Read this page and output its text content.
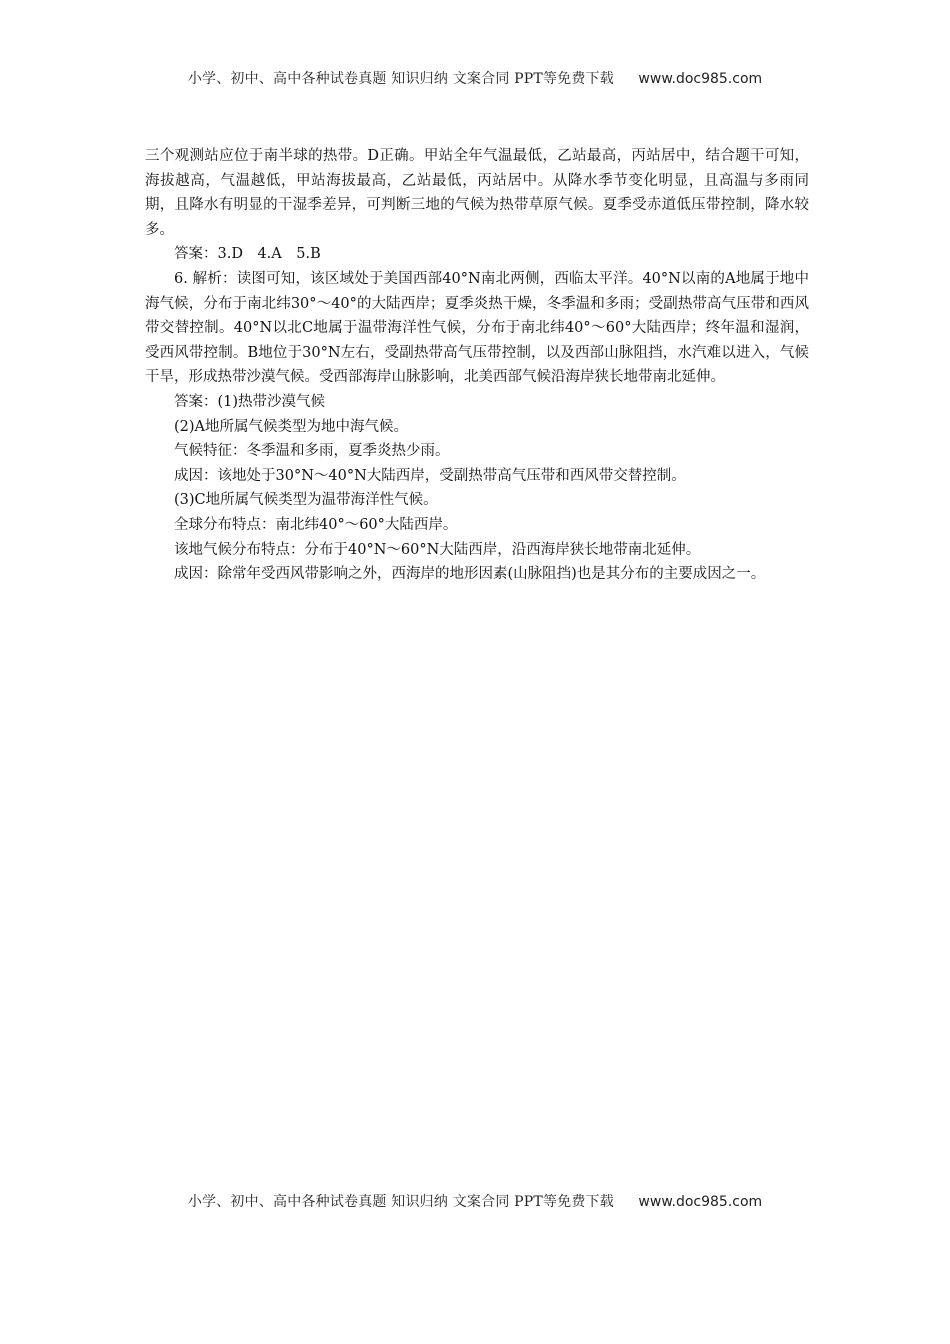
小学、初中、高中各种试卷真题 知识归纳 文案合同 PPT等免费下载 www.doc985.com

三个观测站应位于南半球的热带。D正确。甲站全年气温最低，乙站最高，丙站居中，结合题干可知，海拔越高，气温越低，甲站海拔最高，乙站最低，丙站居中。从降水季节变化明显，且高温与多雨同期，且降水有明显的干湿季差异，可判断三地的气候为热带草原气候。夏季受赤道低压带控制，降水较多。

答案：3.D　4.A　5.B

6. 解析：读图可知，该区域处于美国西部40°N南北两侧，西临太平洋。40°N以南的A地属于地中海气候，分布于南北纬30°～40°的大陆西岸；夏季炎热干燥，冬季温和多雨；受副热带高气压带和西风带交替控制。40°N以北C地属于温带海洋性气候，分布于南北纬40°～60°大陆西岸；终年温和湿润，受西风带控制。B地位于30°N左右，受副热带高气压带控制，以及西部山脉阻挡，水汽难以进入，气候干旱，形成热带沙漠气候。受西部海岸山脉影响，北美西部气候沿海岸狭长地带南北延伸。

答案：(1)热带沙漠气候

(2)A地所属气候类型为地中海气候。

气候特征：冬季温和多雨，夏季炎热少雨。

成因：该地处于30°N～40°N大陆西岸，受副热带高气压带和西风带交替控制。

(3)C地所属气候类型为温带海洋性气候。

全球分布特点：南北纬40°～60°大陆西岸。

该地气候分布特点：分布于40°N～60°N大陆西岸，沿西海岸狭长地带南北延伸。

成因：除常年受西风带影响之外，西海岸的地形因素(山脉阻挡)也是其分布的主要成因之一。

小学、初中、高中各种试卷真题 知识归纳 文案合同 PPT等免费下载 www.doc985.com
